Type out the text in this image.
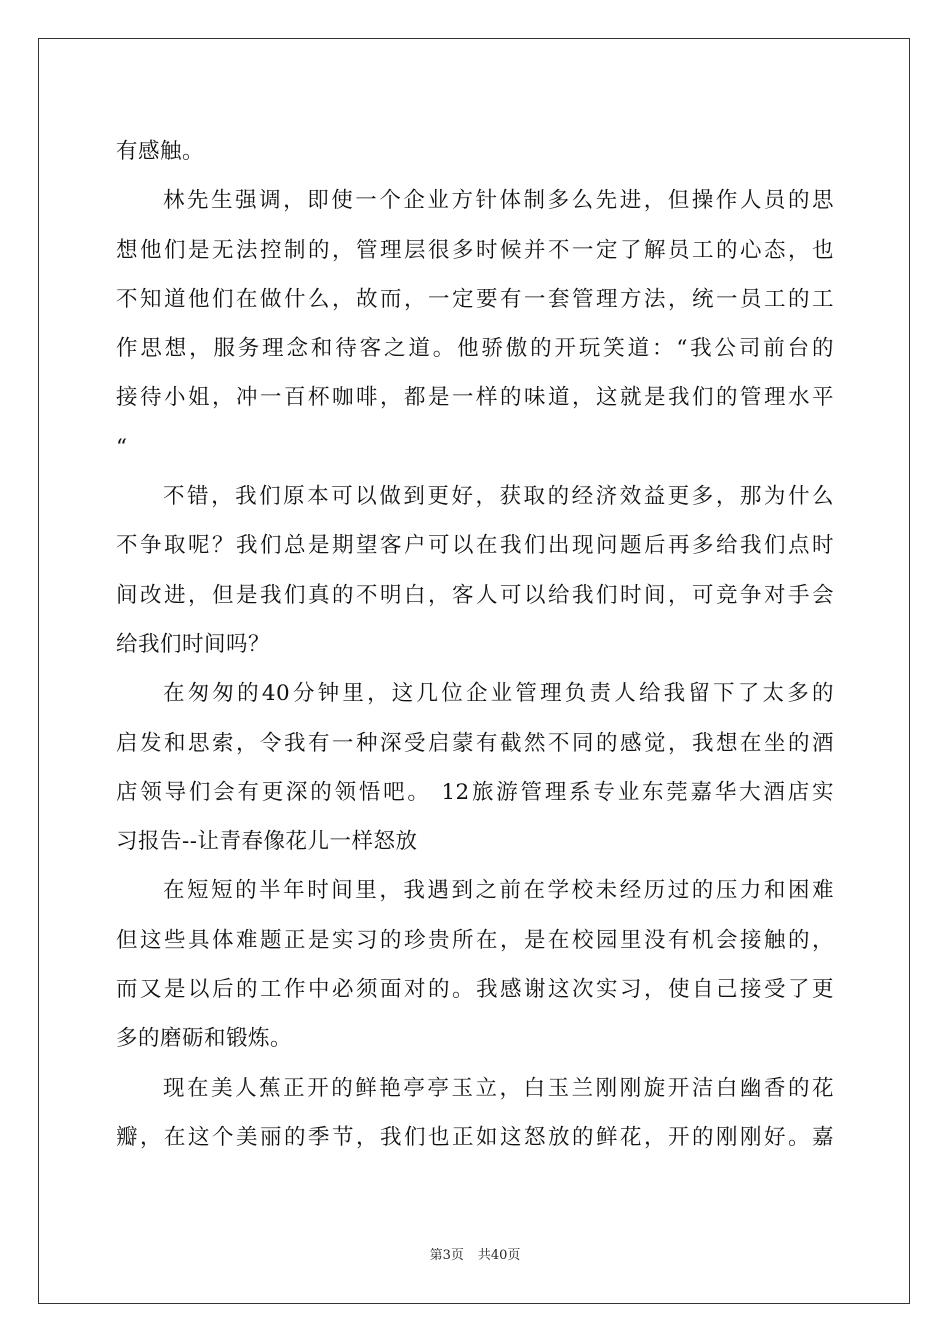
有感触。
林先生强调，即使一个企业方针体制多么先进，但操作人员的思
想他们是无法控制的，管理层很多时候并不一定了解员工的心态，也
不知道他们在做什么，故而，一定要有一套管理方法，统一员工的工
作思想，服务理念和待客之道。他骄傲的开玩笑道：“我公司前台的
接待小姐，冲一百杯咖啡，都是一样的味道，这就是我们的管理水平
“
不错，我们原本可以做到更好，获取的经济效益更多，那为什么
不争取呢？我们总是期望客户可以在我们出现问题后再多给我们点时
间改进，但是我们真的不明白，客人可以给我们时间，可竞争对手会
给我们时间吗？
在匆匆的40分钟里，这几位企业管理负责人给我留下了太多的
启发和思索，令我有一种深受启蒙有截然不同的感觉，我想在坐的酒
店领导们会有更深的领悟吧。 12旅游管理系专业东莞嘉华大酒店实
习报告--让青春像花儿一样怒放
在短短的半年时间里，我遇到之前在学校未经历过的压力和困难
但这些具体难题正是实习的珍贵所在，是在校园里没有机会接触的，
而又是以后的工作中必须面对的。我感谢这次实习，使自己接受了更
多的磨砺和锻炼。
现在美人蕉正开的鲜艳亭亭玉立，白玉兰刚刚旋开洁白幽香的花
瓣，在这个美丽的季节，我们也正如这怒放的鲜花，开的刚刚好。嘉
第3页 共40页
